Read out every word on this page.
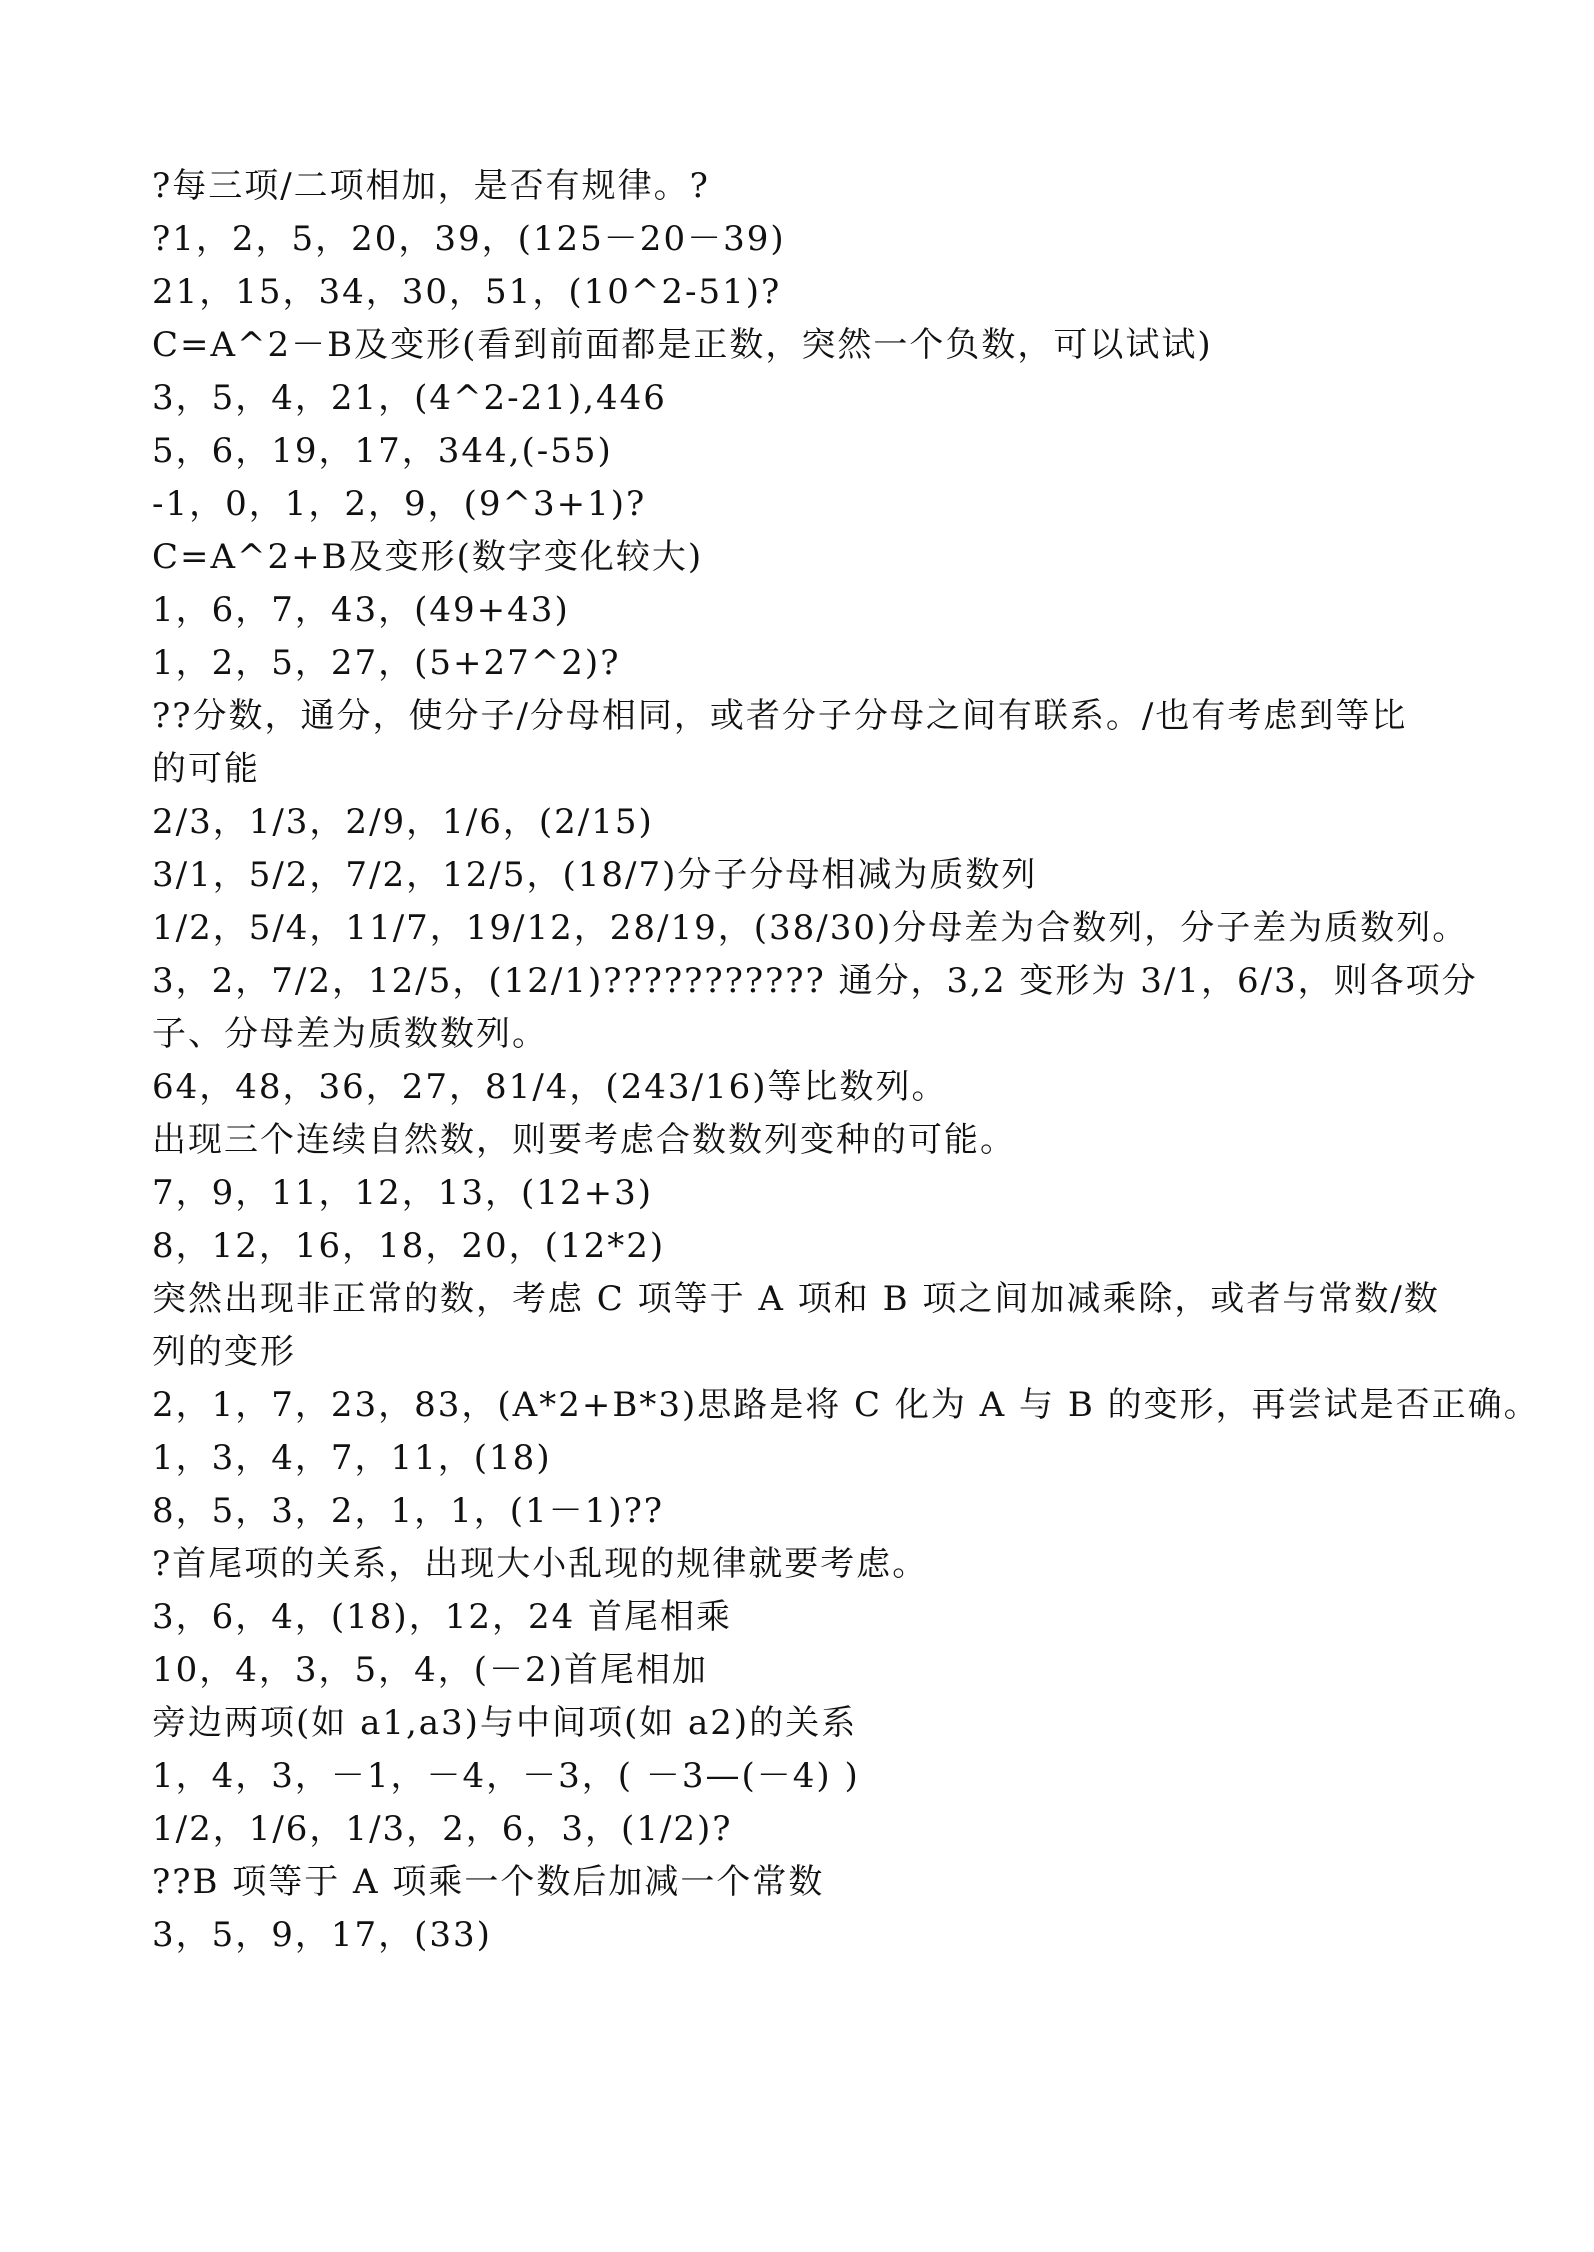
?每三项/二项相加，是否有规律。?
?1，2，5，20，39，(125－20－39)
21，15，34，30，51，(10^2-51)?
C=A^2－B及变形(看到前面都是正数，突然一个负数，可以试试)
3，5，4，21，(4^2-21),446
5，6，19，17，344,(-55)
-1，0，1，2，9，(9^3+1)?
C=A^2+B及变形(数字变化较大)
1，6，7，43，(49+43)
1，2，5，27，(5+27^2)?
??分数，通分，使分子/分母相同，或者分子分母之间有联系。/也有考虑到等比
的可能
2/3，1/3，2/9，1/6，(2/15)
3/1，5/2，7/2，12/5，(18/7)分子分母相减为质数列
1/2，5/4，11/7，19/12，28/19，(38/30)分母差为合数列，分子差为质数列。
3，2，7/2，12/5，(12/1)??????????? 通分，3,2 变形为 3/1，6/3，则各项分
子、分母差为质数数列。
64，48，36，27，81/4，(243/16)等比数列。
出现三个连续自然数，则要考虑合数数列变种的可能。
7，9，11，12，13，(12+3)
8，12，16，18，20，(12*2)
突然出现非正常的数，考虑 C 项等于 A 项和 B 项之间加减乘除，或者与常数/数
列的变形
2，1，7，23，83，(A*2+B*3)思路是将 C 化为 A 与 B 的变形，再尝试是否正确。
1，3，4，7，11，(18)
8，5，3，2，1，1，(1－1)??
?首尾项的关系，出现大小乱现的规律就要考虑。
3，6，4，(18)，12，24 首尾相乘
10，4，3，5，4，(－2)首尾相加
旁边两项(如 a1,a3)与中间项(如 a2)的关系
1，4，3，－1，－4，－3，( －3—(－4) )
1/2，1/6，1/3，2，6，3，(1/2)?
??B 项等于 A 项乘一个数后加减一个常数
3，5，9，17，(33)
